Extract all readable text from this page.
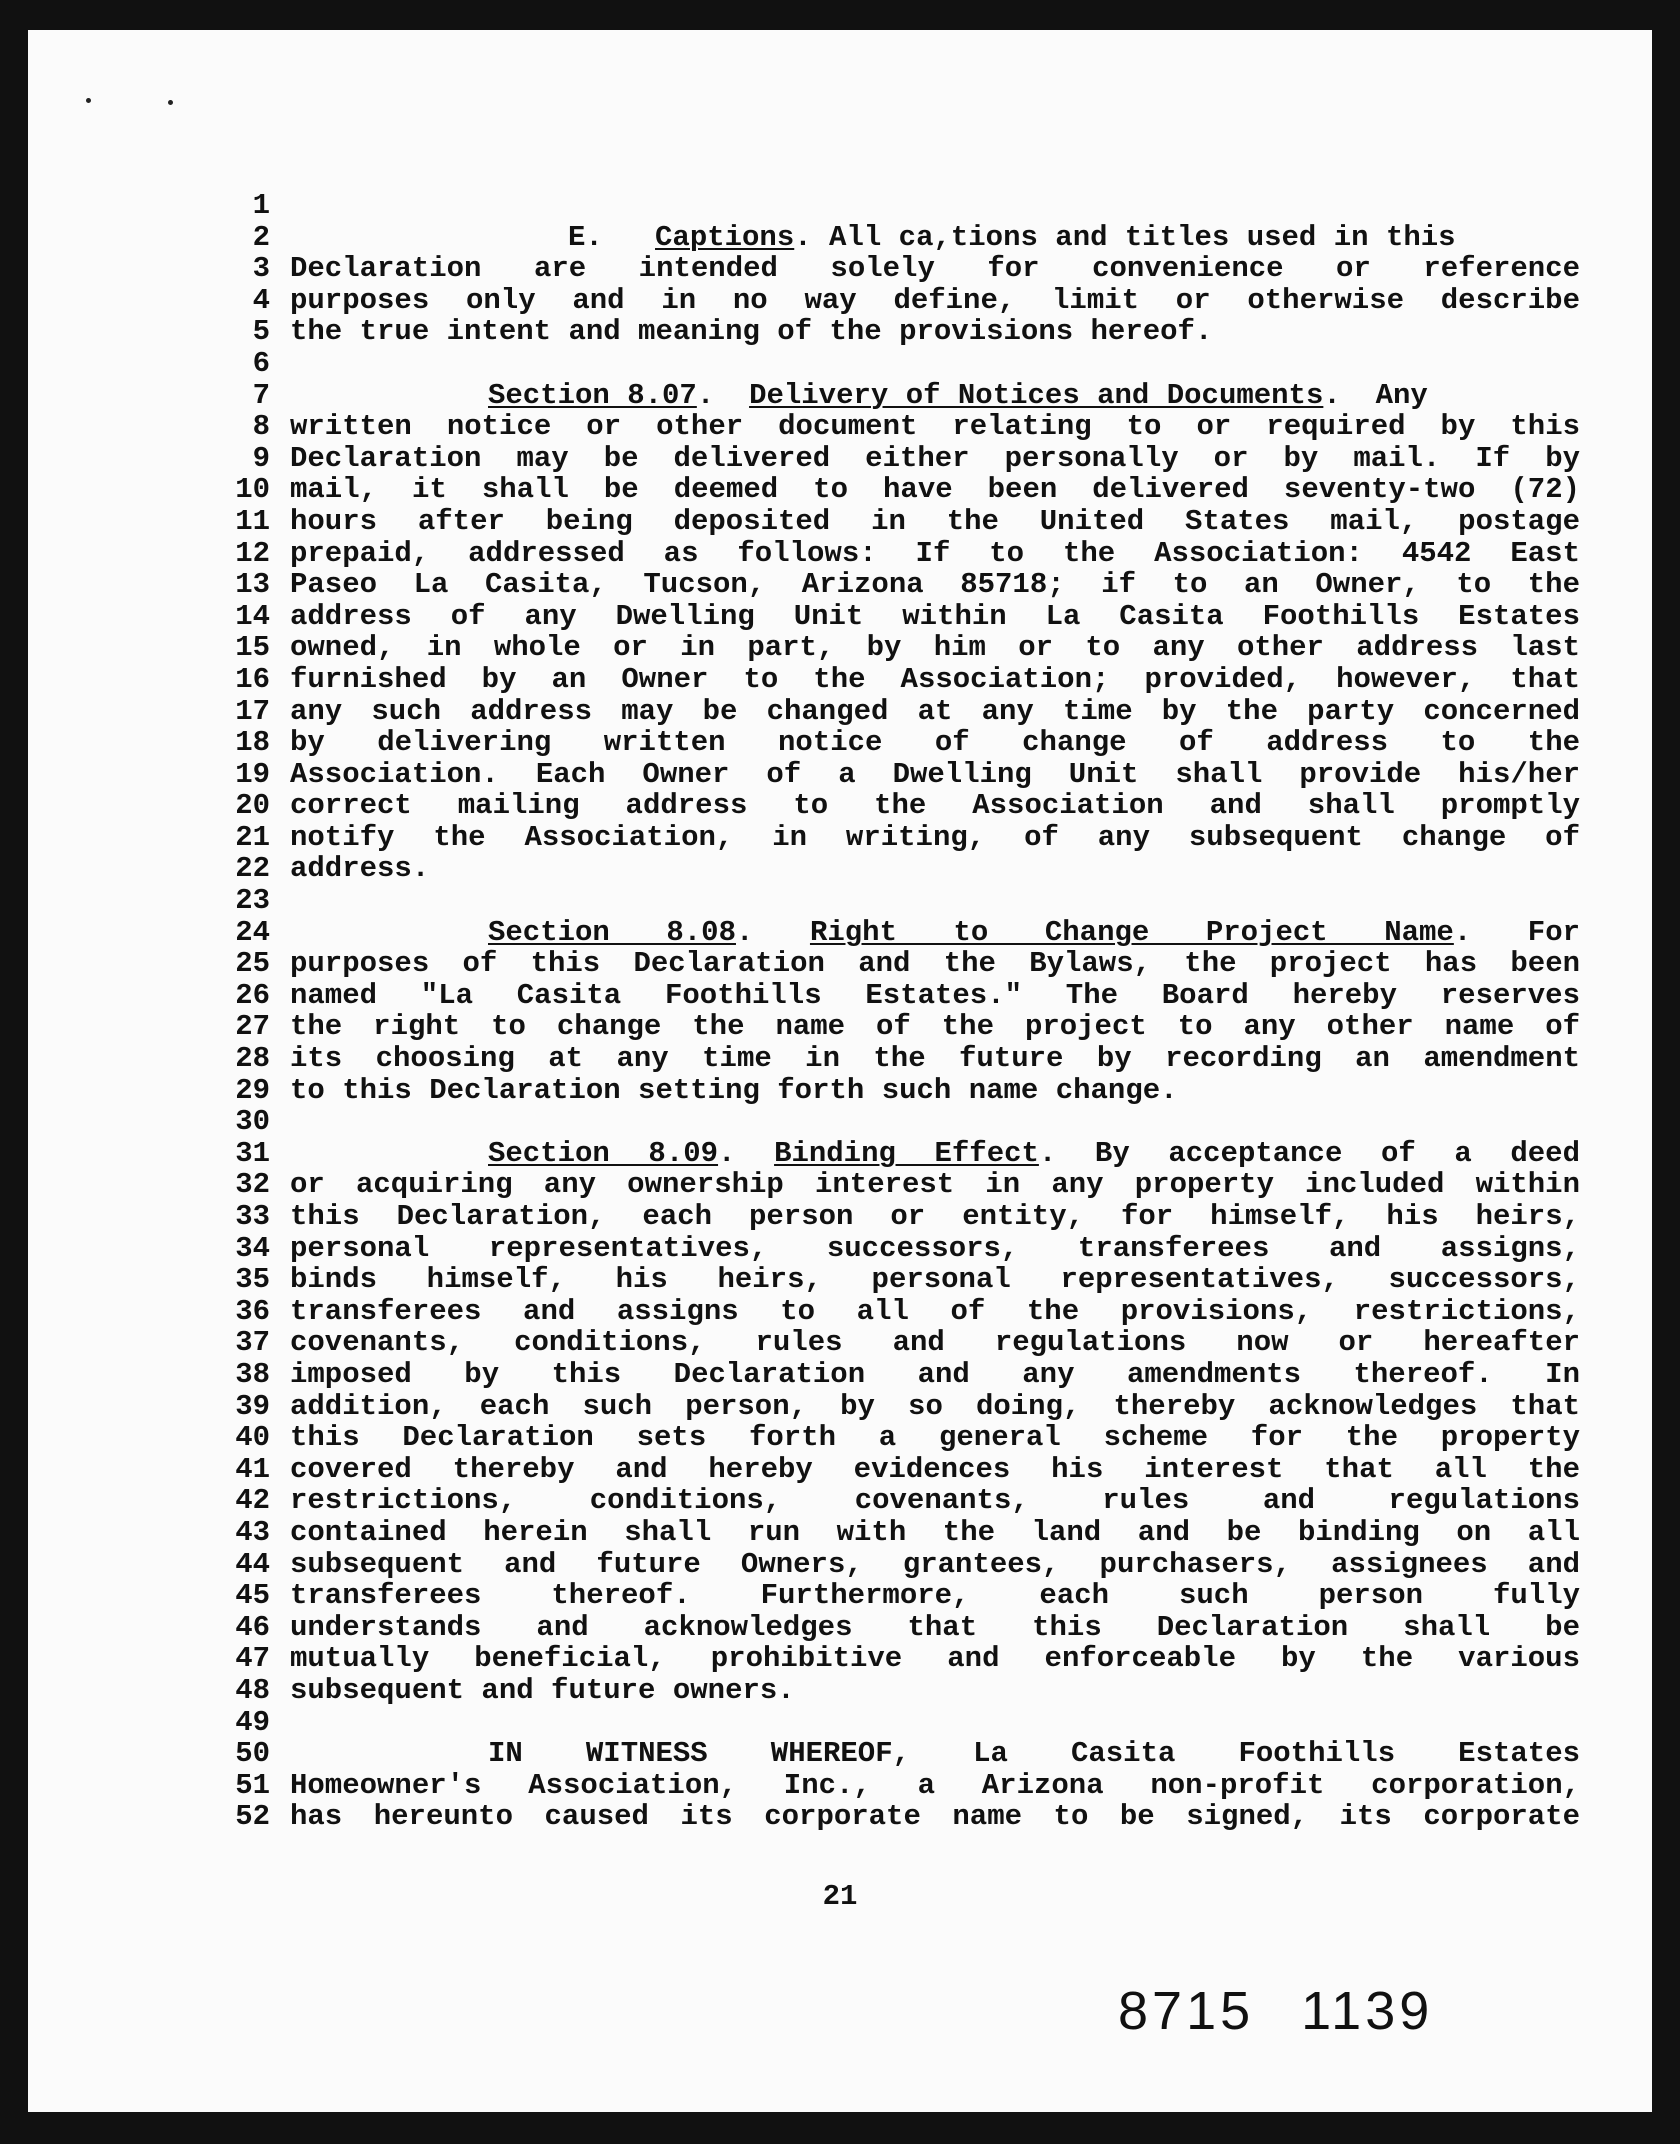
1
2	E.   Captions. All ca,tions and titles used in this
3 Declaration are intended solely for convenience or reference
4 purposes only and in no way define, limit or otherwise describe
5 the true intent and meaning of the provisions hereof.
6
7	Section 8.07.  Delivery of Notices and Documents.  Any
8 written notice or other document relating to or required by this
9 Declaration may be delivered either personally or by mail. If by
10 mail, it shall be deemed to have been delivered seventy-two (72)
11 hours after being deposited in the United States mail, postage
12 prepaid, addressed as follows: If to the Association: 4542 East
13 Paseo La Casita, Tucson, Arizona 85718; if to an Owner, to the
14 address of any Dwelling Unit within La Casita Foothills Estates
15 owned, in whole or in part, by him or to any other address last
16 furnished by an Owner to the Association; provided, however, that
17 any such address may be changed at any time by the party concerned
18 by delivering written notice of change of address to the
19 Association. Each Owner of a Dwelling Unit shall provide his/her
20 correct mailing address to the Association and shall promptly
21 notify the Association, in writing, of any subsequent change of
22 address.
23
24	Section 8.08. Right to Change Project Name. For
25 purposes of this Declaration and the Bylaws, the project has been
26 named "La Casita Foothills Estates." The Board hereby reserves
27 the right to change the name of the project to any other name of
28 its choosing at any time in the future by recording an amendment
29 to this Declaration setting forth such name change.
30
31	Section 8.09. Binding Effect. By acceptance of a deed
32 or acquiring any ownership interest in any property included within
33 this Declaration, each person or entity, for himself, his heirs,
34 personal representatives, successors, transferees and assigns,
35 binds himself, his heirs, personal representatives, successors,
36 transferees and assigns to all of the provisions, restrictions,
37 covenants, conditions, rules and regulations now or hereafter
38 imposed by this Declaration and any amendments thereof. In
39 addition, each such person, by so doing, thereby acknowledges that
40 this Declaration sets forth a general scheme for the property
41 covered thereby and hereby evidences his interest that all the
42 restrictions, conditions, covenants, rules and regulations
43 contained herein shall run with the land and be binding on all
44 subsequent and future Owners, grantees, purchasers, assignees and
45 transferees thereof. Furthermore, each such person fully
46 understands and acknowledges that this Declaration shall be
47 mutually beneficial, prohibitive and enforceable by the various
48 subsequent and future owners.
49
50	IN WITNESS WHEREOF, La Casita Foothills Estates
51 Homeowner's Association, Inc., a Arizona non-profit corporation,
52 has hereunto caused its corporate name to be signed, its corporate
21
8715 1139
